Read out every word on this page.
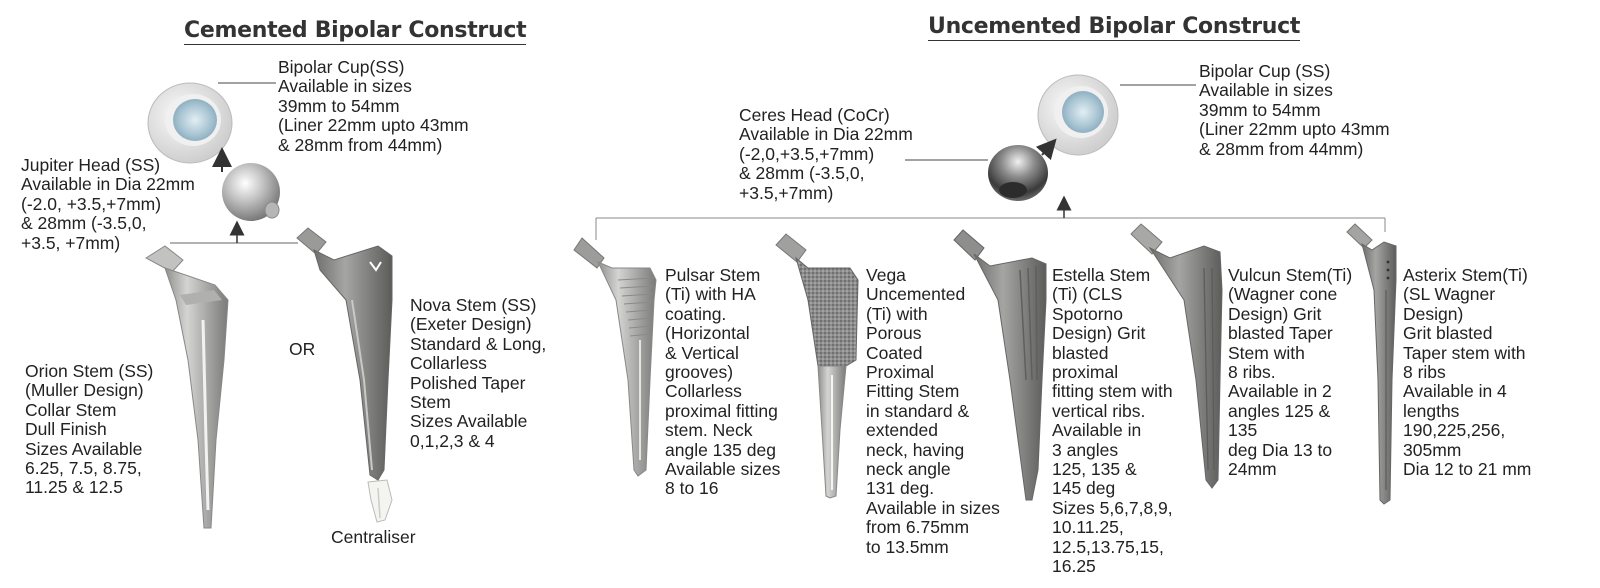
Cemented Bipolar Construct	Uncemented Bipolar Construct
Bipolar Cup(SS)
Available in sizes
39mm to 54mm
(Liner 22mm upto 43mm
& 28mm from 44mm)
Jupiter Head (SS)
Available in Dia 22mm
(-2.0, +3.5,+7mm)
& 28mm (-3.5,0,
+3.5, +7mm)
Orion Stem (SS)
(Muller Design)
Collar Stem
Dull Finish
Sizes Available
6.25, 7.5, 8.75,
11.25 & 12.5
OR
Nova Stem (SS)
(Exeter Design)
Standard & Long,
Collarless
Polished Taper
Stem
Sizes Available
0,1,2,3 & 4
Centraliser
Ceres Head (CoCr)
Available in Dia 22mm
(-2,0,+3.5,+7mm)
& 28mm (-3.5,0,
+3.5,+7mm)
Bipolar Cup (SS)
Available in sizes
39mm to 54mm
(Liner 22mm upto 43mm
& 28mm from 44mm)
Pulsar Stem
(Ti) with HA
coating.
(Horizontal
& Vertical
grooves)
Collarless
proximal fitting
stem. Neck
angle 135 deg
Available sizes
8 to 16
Vega
Uncemented
(Ti) with
Porous
Coated
Proximal
Fitting Stem
in standard &
extended
neck, having
neck angle
131 deg.
Available in sizes
from 6.75mm
to 13.5mm
Estella Stem
(Ti) (CLS
Spotorno
Design) Grit
blasted
proximal
fitting stem with
vertical ribs.
Available in
3 angles
125, 135 &
145 deg
Sizes 5,6,7,8,9,
10.11.25,
12.5,13.75,15,
16.25
Vulcun Stem(Ti)
(Wagner cone
Design) Grit
blasted Taper
Stem with
8 ribs.
Available in 2
angles 125 &
135
deg Dia 13 to
24mm
Asterix Stem(Ti)
(SL Wagner
Design)
Grit blasted
Taper stem with
8 ribs
Available in 4
lengths
190,225,256,
305mm
Dia 12 to 21 mm
